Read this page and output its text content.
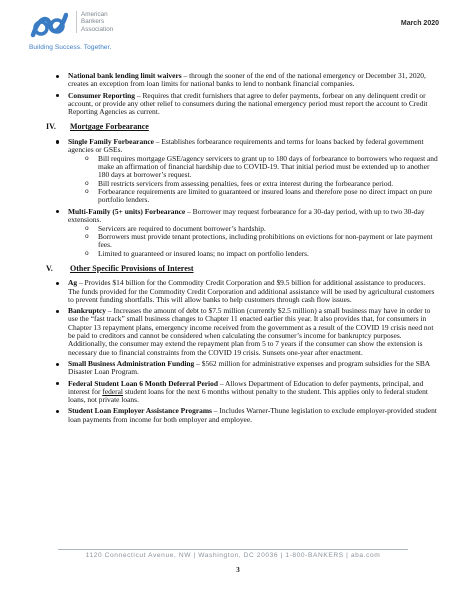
American
Bankers
Association
Building Success. Together.
March 2020
National bank lending limit waivers – through the sooner of the end of the national emergency or December 31, 2020, creates an exception from loan limits for national banks to lend to nonbank financial companies.
Consumer Reporting – Requires that credit furnishers that agree to defer payments, forbear on any delinquent credit or account, or provide any other relief to consumers during the national emergency period must report the account to Credit Reporting Agencies as current.
IV.	Mortgage Forbearance
Single Family Forbearance – Establishes forbearance requirements and terms for loans backed by federal government agencies or GSEs.
o Bill requires mortgage GSE/agency servicers to grant up to 180 days of forbearance to borrowers who request and make an affirmation of financial hardship due to COVID-19. That initial period must be extended up to another 180 days at borrower’s request.
o Bill restricts servicers from assessing penalties, fees or extra interest during the forbearance period.
o Forbearance requirements are limited to guaranteed or insured loans and therefore pose no direct impact on pure portfolio lenders.
Multi-Family (5+ units) Forbearance – Borrower may request forbearance for a 30-day period, with up to two 30-day extensions.
o Servicers are required to document borrower’s hardship.
o Borrowers must provide tenant protections, including prohibitions on evictions for non-payment or late payment fees.
o Limited to guaranteed or insured loans; no impact on portfolio lenders.
V.	Other Specific Provisions of Interest
Ag – Provides $14 billion for the Commodity Credit Corporation and $9.5 billion for additional assistance to producers. The funds provided for the Commodity Credit Corporation and additional assistance will be used by agricultural customers to prevent funding shortfalls. This will allow banks to help customers through cash flow issues.
Bankruptcy – Increases the amount of debt to $7.5 million (currently $2.5 million) a small business may have in order to use the “fast track” small business changes to Chapter 11 enacted earlier this year. It also provides that, for consumers in Chapter 13 repayment plans, emergency income received from the government as a result of the COVID 19 crisis need not be paid to creditors and cannot be considered when calculating the consumer’s income for bankruptcy purposes. Additionally, the consumer may extend the repayment plan from 5 to 7 years if the consumer can show the extension is necessary due to financial constraints from the COVID 19 crisis. Sunsets one-year after enactment.
Small Business Administration Funding – $562 million for administrative expenses and program subsidies for the SBA Disaster Loan Program.
Federal Student Loan 6 Month Deferral Period – Allows Department of Education to defer payments, principal, and interest for federal student loans for the next 6 months without penalty to the student. This applies only to federal student loans, not private loans.
Student Loan Employer Assistance Programs – Includes Warner-Thune legislation to exclude employer-provided student loan payments from income for both employer and employee.
1120 Connecticut Avenue, NW | Washington, DC 20036 | 1-800-BANKERS | aba.com
3
